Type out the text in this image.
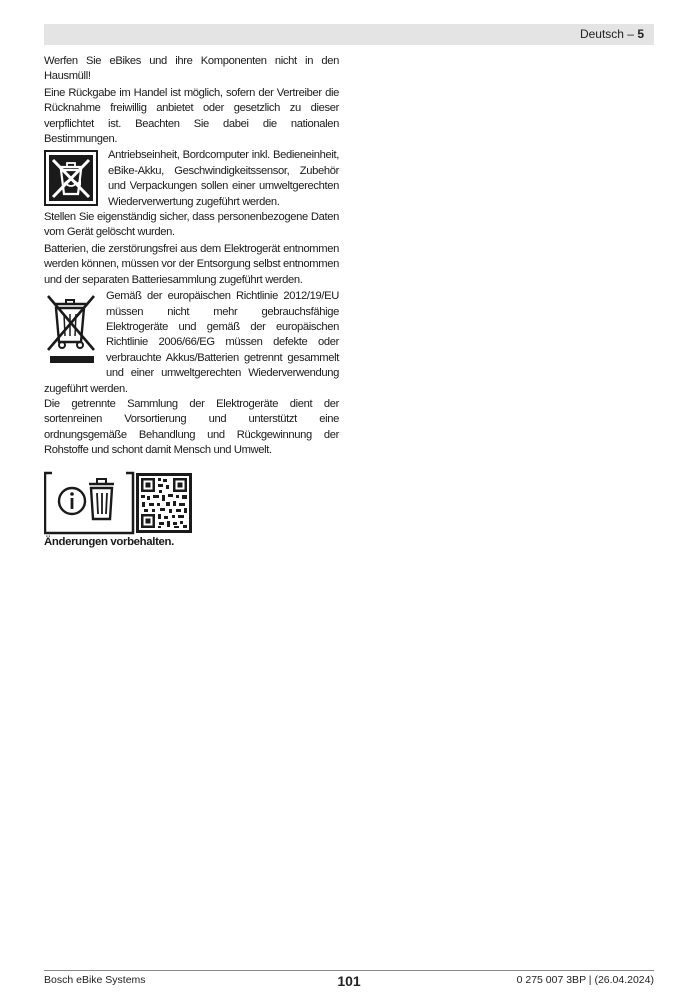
Deutsch – 5

Werfen Sie eBikes und ihre Komponenten nicht in den Hausmüll!

Eine Rückgabe im Handel ist möglich, sofern der Vertreiber die Rücknahme freiwillig anbietet oder gesetzlich zu dieser verpflichtet ist. Beachten Sie dabei die nationalen Bestimmungen.

Antriebseinheit, Bordcomputer inkl. Bedieneinheit, eBike-Akku, Geschwindigkeitssensor, Zubehör und Verpackungen sollen einer umweltgerechten Wiederverwertung zugeführt werden.

Stellen Sie eigenständig sicher, dass personenbezogene Daten vom Gerät gelöscht wurden.

Batterien, die zerstörungsfrei aus dem Elektrogerät entnommen werden können, müssen vor der Entsorgung selbst entnommen und der separaten Batteriesammlung zugeführt werden.

Gemäß der europäischen Richtlinie 2012/19/EU müssen nicht mehr gebrauchsfähige Elektrogeräte und gemäß der europäischen Richtlinie 2006/66/EG müssen defekte oder verbrauchte Akkus/Batterien getrennt gesammelt und einer umweltgerechten Wiederverwendung zugeführt werden.

Die getrennte Sammlung der Elektrogeräte dient der sortenreinen Vorsortierung und unterstützt eine ordnungsgemäße Behandlung und Rückgewinnung der Rohstoffe und schont damit Mensch und Umwelt.

Änderungen vorbehalten.

Bosch eBike Systems	101	0 275 007 3BP | (26.04.2024)
